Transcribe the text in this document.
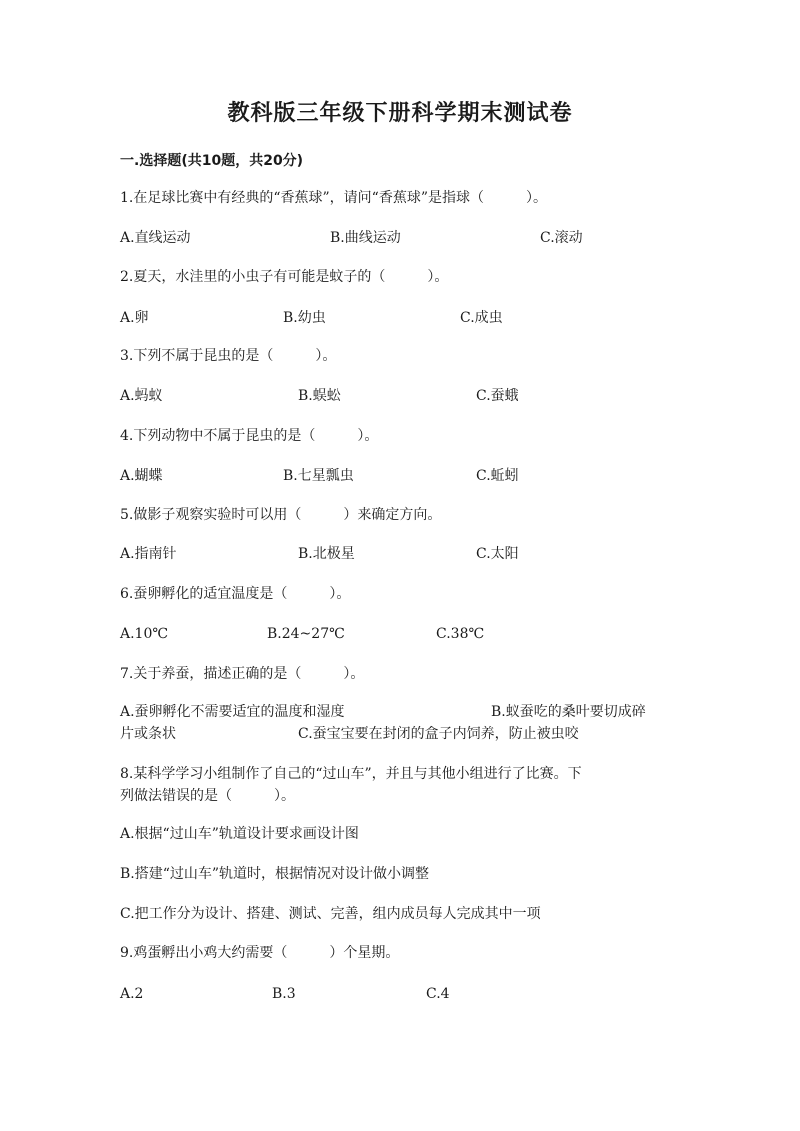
教科版三年级下册科学期末测试卷
一.选择题(共10题，共20分)
1.在足球比赛中有经典的“香蕉球”，请问“香蕉球”是指球（　　　）。
A.直线运动	B.曲线运动	C.滚动
2.夏天，水洼里的小虫子有可能是蚊子的（　　　）。
A.卵	B.幼虫	C.成虫
3.下列不属于昆虫的是（　　　）。
A.蚂蚁	B.蜈蚣	C.蚕蛾
4.下列动物中不属于昆虫的是（　　　）。
A.蝴蝶	B.七星瓢虫	C.蚯蚓
5.做影子观察实验时可以用（　　　）来确定方向。
A.指南针	B.北极星	C.太阳
6.蚕卵孵化的适宜温度是（　　　）。
A.10℃	B.24~27℃	C.38℃
7.关于养蚕，描述正确的是（　　　）。
A.蚕卵孵化不需要适宜的温度和湿度	B.蚁蚕吃的桑叶要切成碎
片或条状	C.蚕宝宝要在封闭的盒子内饲养，防止被虫咬
8.某科学学习小组制作了自己的“过山车”，并且与其他小组进行了比赛。下
列做法错误的是（　　　）。
A.根据“过山车”轨道设计要求画设计图
B.搭建“过山车”轨道时，根据情况对设计做小调整
C.把工作分为设计、搭建、测试、完善，组内成员每人完成其中一项
9.鸡蛋孵出小鸡大约需要（　　　）个星期。
A.2	B.3	C.4
